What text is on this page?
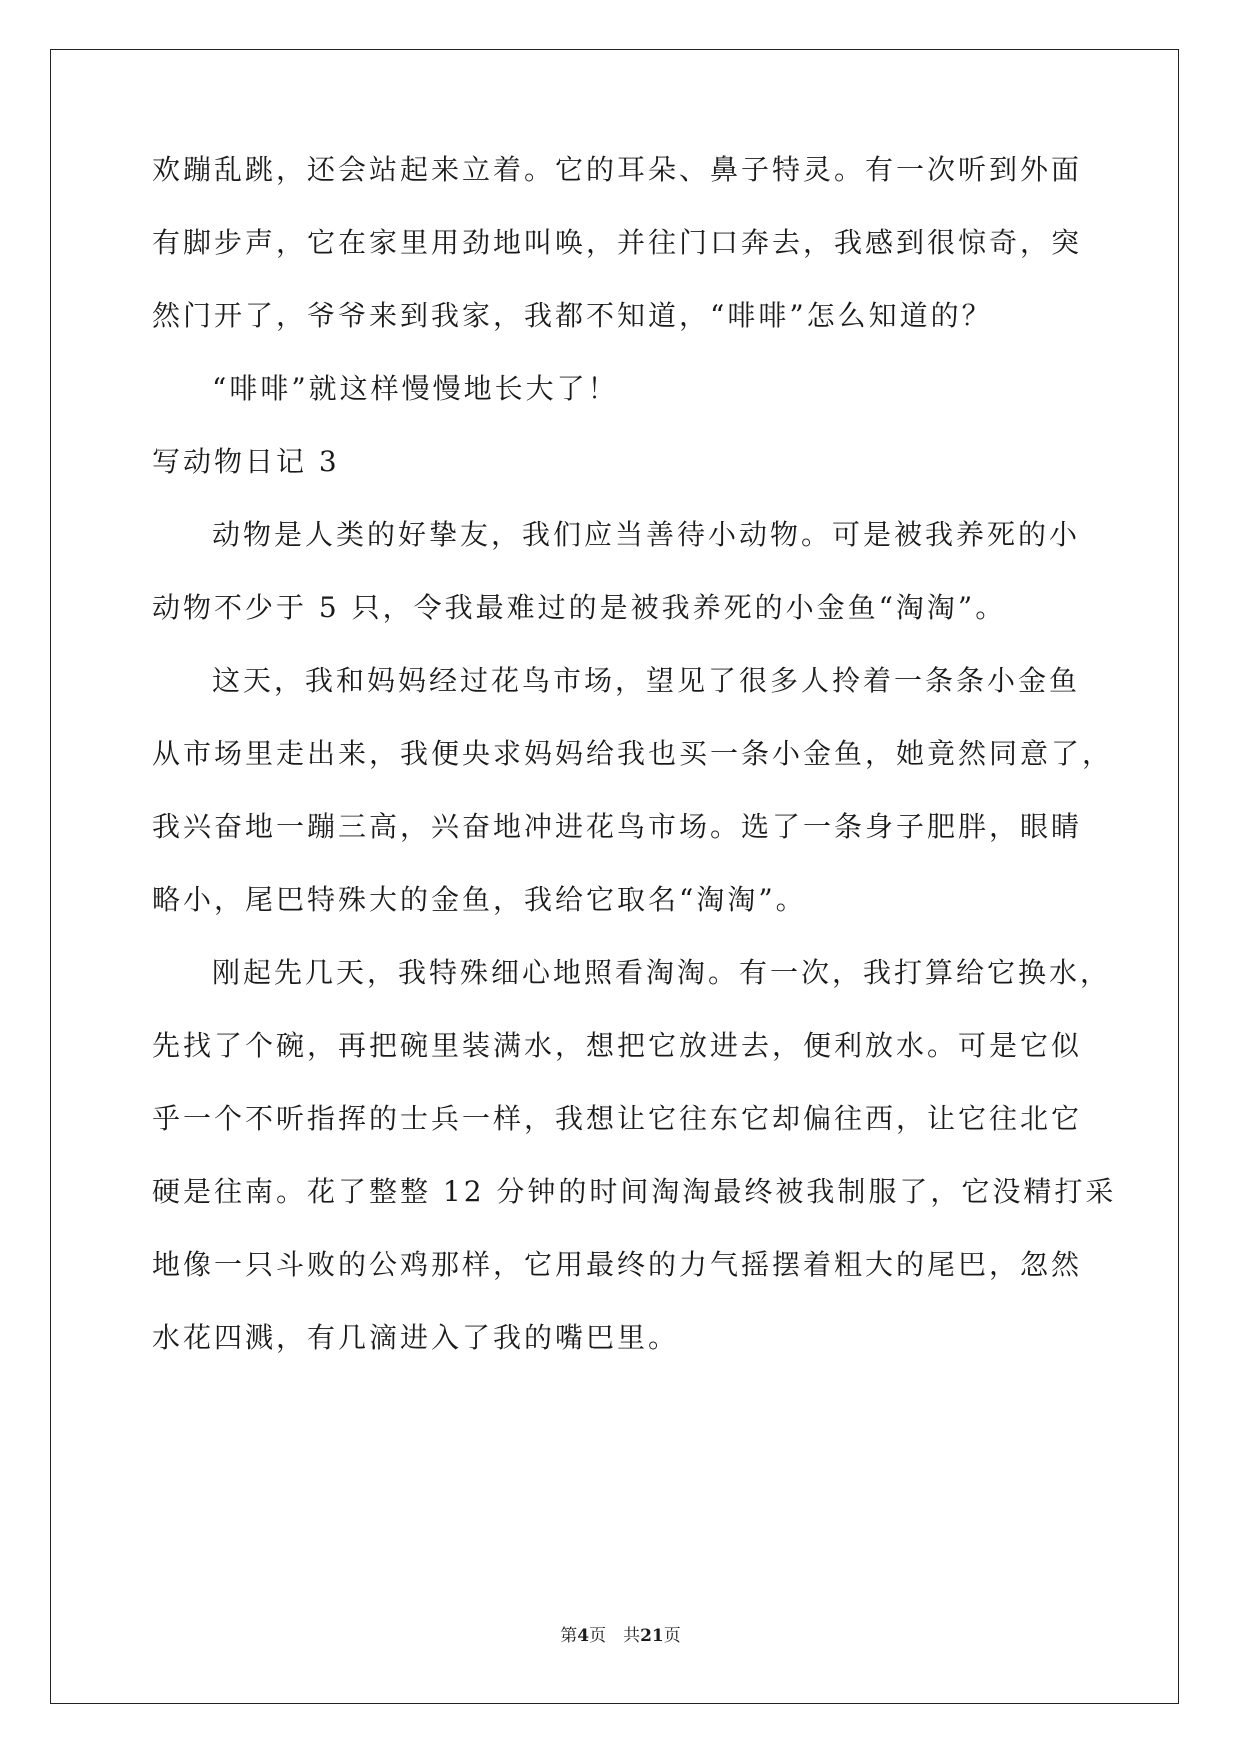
欢蹦乱跳，还会站起来立着。它的耳朵、鼻子特灵。有一次听到外面
有脚步声，它在家里用劲地叫唤，并往门口奔去，我感到很惊奇，突
然门开了，爷爷来到我家，我都不知道，“啡啡”怎么知道的？
“啡啡”就这样慢慢地长大了！
写动物日记 3
动物是人类的好挚友，我们应当善待小动物。可是被我养死的小
动物不少于 5 只，令我最难过的是被我养死的小金鱼“淘淘”。
这天，我和妈妈经过花鸟市场，望见了很多人拎着一条条小金鱼
从市场里走出来，我便央求妈妈给我也买一条小金鱼，她竟然同意了，
我兴奋地一蹦三高，兴奋地冲进花鸟市场。选了一条身子肥胖，眼睛
略小，尾巴特殊大的金鱼，我给它取名“淘淘”。
刚起先几天，我特殊细心地照看淘淘。有一次，我打算给它换水，
先找了个碗，再把碗里装满水，想把它放进去，便利放水。可是它似
乎一个不听指挥的士兵一样，我想让它往东它却偏往西，让它往北它
硬是往南。花了整整 12 分钟的时间淘淘最终被我制服了，它没精打采
地像一只斗败的公鸡那样，它用最终的力气摇摆着粗大的尾巴，忽然
水花四溅，有几滴进入了我的嘴巴里。
第4页　共21页
